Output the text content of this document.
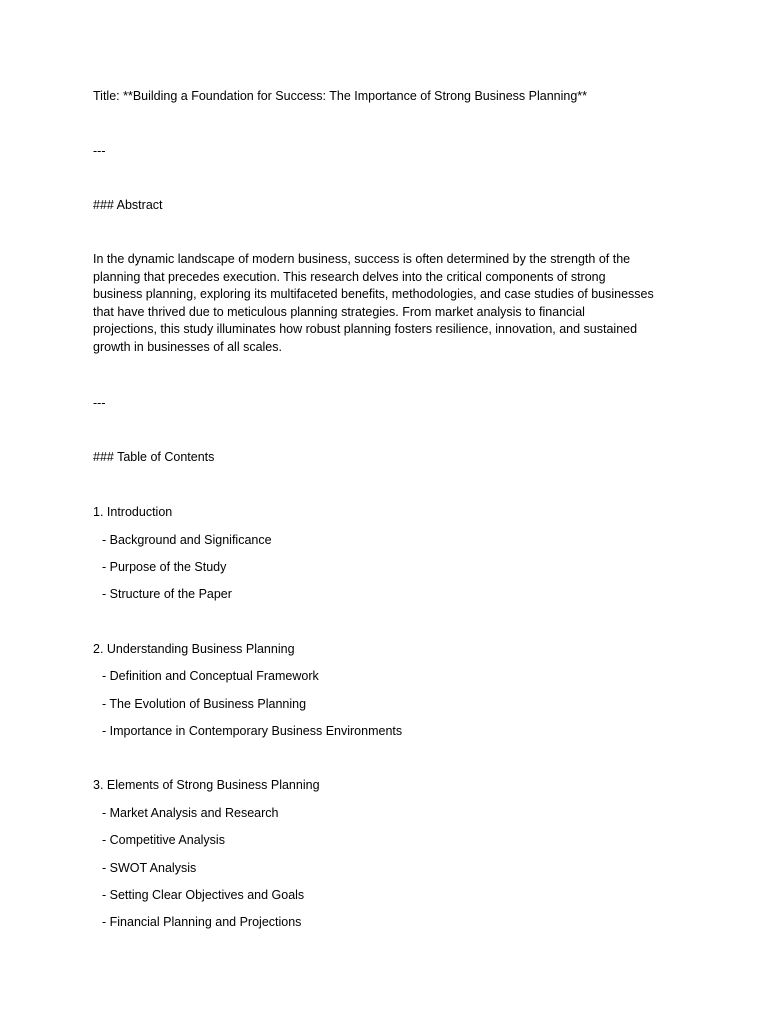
Title: **Building a Foundation for Success: The Importance of Strong Business Planning**
---
### Abstract
In the dynamic landscape of modern business, success is often determined by the strength of the
planning that precedes execution. This research delves into the critical components of strong
business planning, exploring its multifaceted benefits, methodologies, and case studies of businesses
that have thrived due to meticulous planning strategies. From market analysis to financial
projections, this study illuminates how robust planning fosters resilience, innovation, and sustained
growth in businesses of all scales.
---
### Table of Contents
1. Introduction
- Background and Significance
- Purpose of the Study
- Structure of the Paper
2. Understanding Business Planning
- Definition and Conceptual Framework
- The Evolution of Business Planning
- Importance in Contemporary Business Environments
3. Elements of Strong Business Planning
- Market Analysis and Research
- Competitive Analysis
- SWOT Analysis
- Setting Clear Objectives and Goals
- Financial Planning and Projections
